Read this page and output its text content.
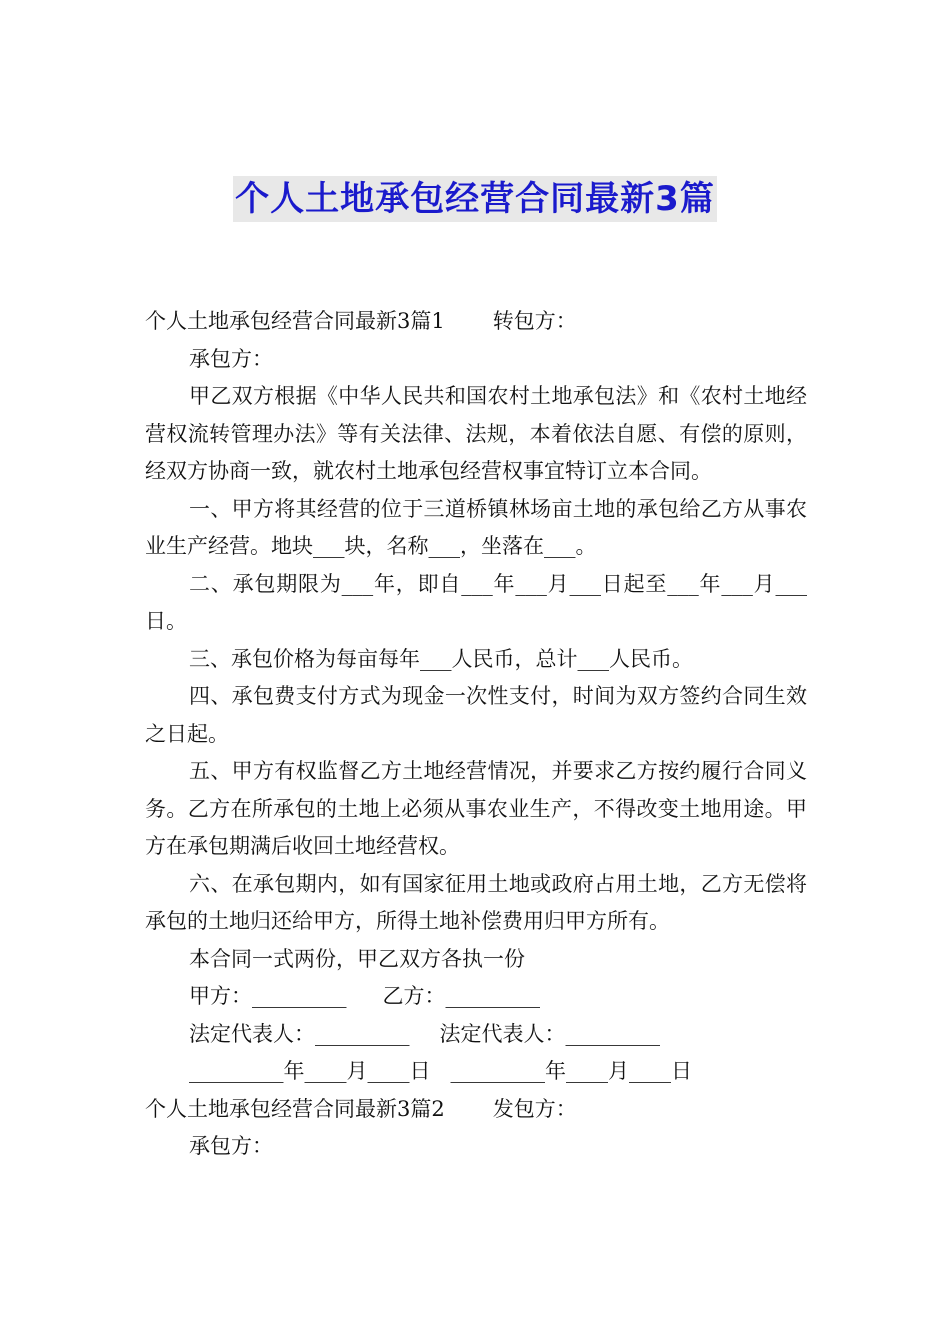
个人土地承包经营合同最新3篇

个人土地承包经营合同最新3篇1 转包方：

承包方：

甲乙双方根据《中华人民共和国农村土地承包法》和《农村土地经营权流转管理办法》等有关法律、法规，本着依法自愿、有偿的原则，经双方协商一致，就农村土地承包经营权事宜特订立本合同。

一、甲方将其经营的位于三道桥镇林场亩土地的承包给乙方从事农业生产经营。地块___块，名称___，坐落在___。

二、承包期限为___年，即自___年___月___日起至___年___月___日。

三、承包价格为每亩每年___人民币，总计___人民币。

四、承包费支付方式为现金一次性支付，时间为双方签约合同生效之日起。

五、甲方有权监督乙方土地经营情况，并要求乙方按约履行合同义务。乙方在所承包的土地上必须从事农业生产，不得改变土地用途。甲方在承包期满后收回土地经营权。

六、在承包期内，如有国家征用土地或政府占用土地，乙方无偿将承包的土地归还给甲方，所得土地补偿费用归甲方所有。

本合同一式两份，甲乙双方各执一份

甲方：_________ 乙方：_________

法定代表人：_________ 法定代表人：_________

_________年____月____日 _________年____月____日

个人土地承包经营合同最新3篇2 发包方：

承包方：
